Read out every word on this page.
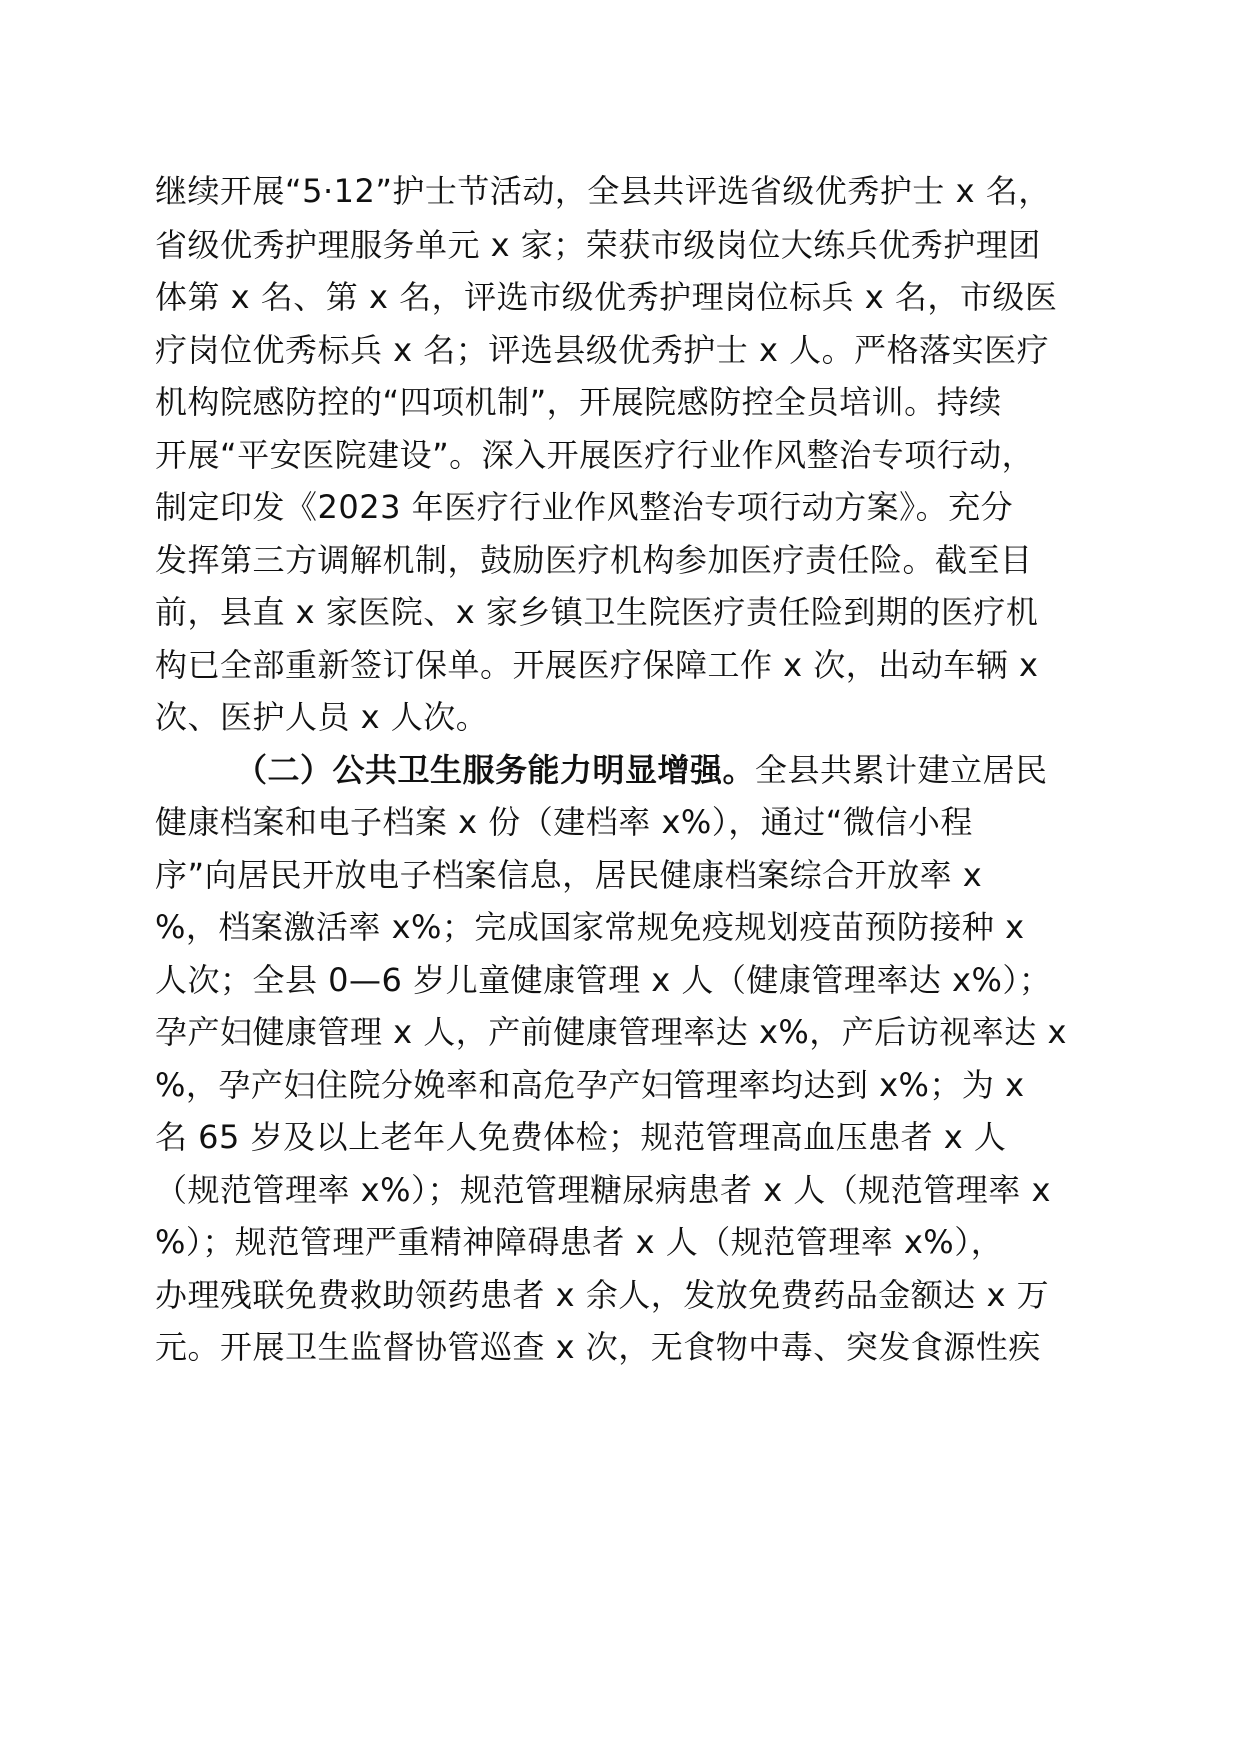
继续开展“5·12”护士节活动，全县共评选省级优秀护士 x 名，
省级优秀护理服务单元 x 家；荣获市级岗位大练兵优秀护理团
体第 x 名、第 x 名，评选市级优秀护理岗位标兵 x 名，市级医
疗岗位优秀标兵 x 名；评选县级优秀护士 x 人。严格落实医疗
机构院感防控的“四项机制”，开展院感防控全员培训。持续
开展“平安医院建设”。深入开展医疗行业作风整治专项行动，
制定印发《2023 年医疗行业作风整治专项行动方案》。充分
发挥第三方调解机制，鼓励医疗机构参加医疗责任险。截至目
前，县直 x 家医院、x 家乡镇卫生院医疗责任险到期的医疗机
构已全部重新签订保单。开展医疗保障工作 x 次，出动车辆 x
次、医护人员 x 人次。
（二）公共卫生服务能力明显增强。全县共累计建立居民
健康档案和电子档案 x 份（建档率 x%），通过“微信小程
序”向居民开放电子档案信息，居民健康档案综合开放率 x
%，档案激活率 x%；完成国家常规免疫规划疫苗预防接种 x
人次；全县 0—6 岁儿童健康管理 x 人（健康管理率达 x%）；
孕产妇健康管理 x 人，产前健康管理率达 x%，产后访视率达 x
%，孕产妇住院分娩率和高危孕产妇管理率均达到 x%；为 x
名 65 岁及以上老年人免费体检；规范管理高血压患者 x 人
（规范管理率 x%）；规范管理糖尿病患者 x 人（规范管理率 x
%）；规范管理严重精神障碍患者 x 人（规范管理率 x%），
办理残联免费救助领药患者 x 余人，发放免费药品金额达 x 万
元。开展卫生监督协管巡查 x 次，无食物中毒、突发食源性疾
